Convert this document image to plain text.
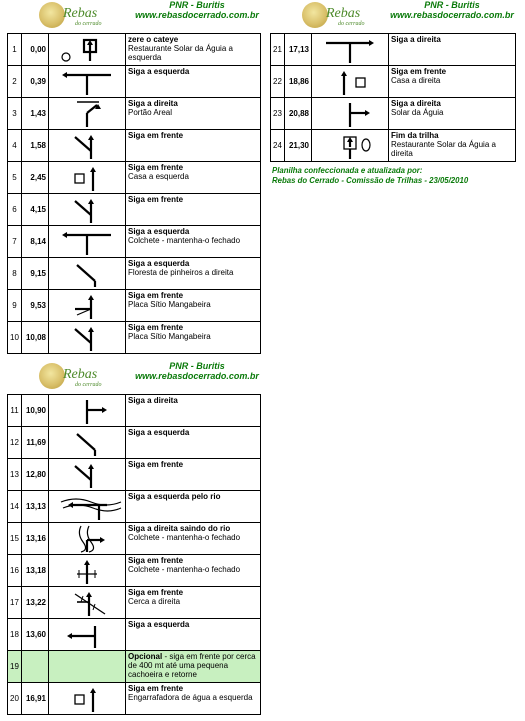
Rebas
do cerrado
PNR - Buritis
www.rebasdocerrado.com.br
1	0,00		zere o cateye
Restaurante Solar da Águia a esquerda

2	0,39		Siga a esquerda

3	1,43		Siga a direita
Portão Areal

4	1,58		Siga em frente

5	2,45		Siga em frente
Casa a esquerda

6	4,15		Siga em frente

7	8,14		Siga a esquerda
Colchete - mantenha-o fechado

8	9,15		Siga a esquerda
Floresta de pinheiros a direita

9	9,53		Siga em frente
Placa Sítio Mangabeira

10	10,08		Siga em frente
Placa Sítio Mangabeira
Rebas
do cerrado
PNR - Buritis
www.rebasdocerrado.com.br
11	10,90		Siga a direita

12	11,69		Siga a esquerda

13	12,80		Siga em frente

14	13,13		Siga a esquerda pelo rio

15	13,16		Siga a direita saindo do rio
Colchete - mantenha-o fechado

16	13,18		Siga em frente
Colchete - mantenha-o fechado

17	13,22		Siga em frente
Cerca a direita

18	13,60		Siga a esquerda

19			Opcional - siga em frente por cerca de 400 mt até uma pequena cachoeira e retorne
20	16,91		Siga em frente
Engarrafadora de água a esquerda
Rebas
do cerrado
PNR - Buritis
www.rebasdocerrado.com.br
21	17,13		Siga a direita

22	18,86		Siga em frente
Casa a direita

23	20,88		Siga a direita
Solar da Águia

24	21,30		Fim da trilha
Restaurante Solar da Águia a direita
Planilha confeccionada e atualizada por:
Rebas do Cerrado - Comissão de Trilhas - 23/05/2010
